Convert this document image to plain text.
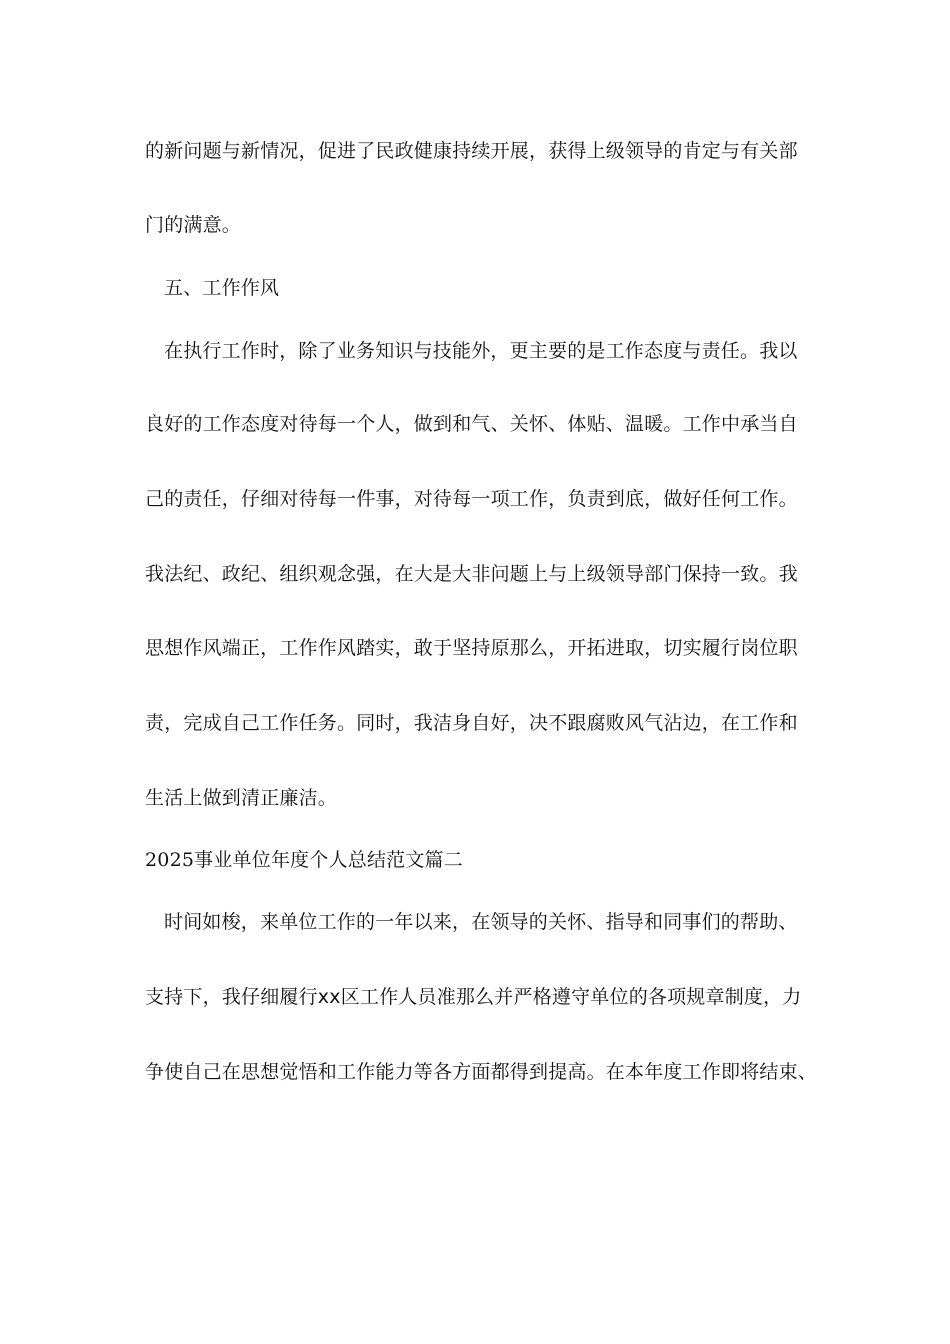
的新问题与新情况，促进了民政健康持续开展，获得上级领导的肯定与有关部
门的满意。
五、工作作风
在执行工作时，除了业务知识与技能外，更主要的是工作态度与责任。我以
良好的工作态度对待每一个人，做到和气、关怀、体贴、温暖。工作中承当自
己的责任，仔细对待每一件事，对待每一项工作，负责到底，做好任何工作。
我法纪、政纪、组织观念强，在大是大非问题上与上级领导部门保持一致。我
思想作风端正，工作作风踏实，敢于坚持原那么，开拓进取，切实履行岗位职
责，完成自己工作任务。同时，我洁身自好，决不跟腐败风气沾边，在工作和
生活上做到清正廉洁。
2025事业单位年度个人总结范文篇二
时间如梭，来单位工作的一年以来，在领导的关怀、指导和同事们的帮助、
支持下，我仔细履行xx区工作人员准那么并严格遵守单位的各项规章制度，力
争使自己在思想觉悟和工作能力等各方面都得到提高。在本年度工作即将结束、
